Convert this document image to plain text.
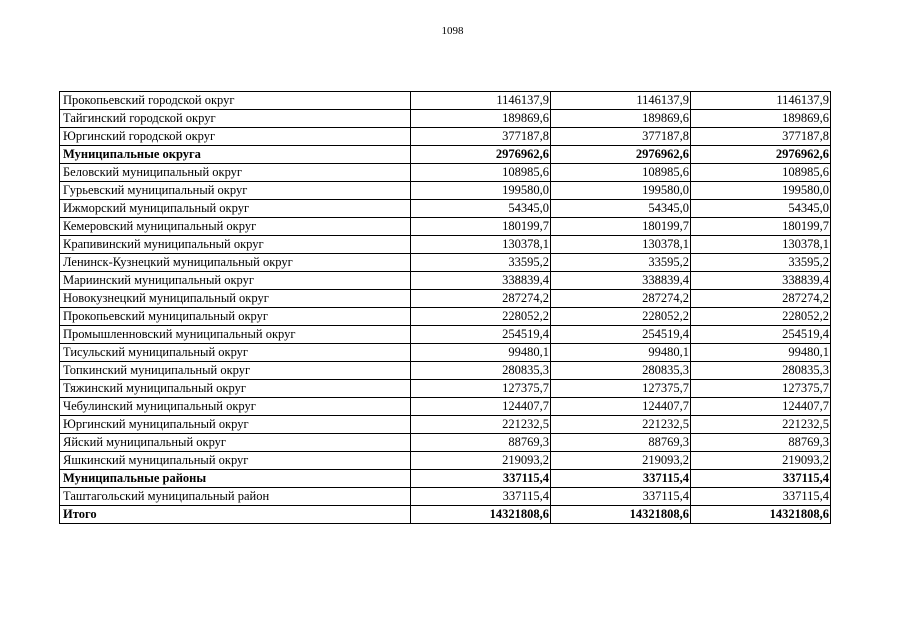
1098
Прокопьевский городской округ	1146137,9	1146137,9	1146137,9
Тайгинский городской округ	189869,6	189869,6	189869,6
Юргинский городской округ	377187,8	377187,8	377187,8
Муниципальные округа	2976962,6	2976962,6	2976962,6
Беловский муниципальный округ	108985,6	108985,6	108985,6
Гурьевский муниципальный округ	199580,0	199580,0	199580,0
Ижморский муниципальный округ	54345,0	54345,0	54345,0
Кемеровский муниципальный округ	180199,7	180199,7	180199,7
Крапивинский муниципальный округ	130378,1	130378,1	130378,1
Ленинск-Кузнецкий муниципальный округ	33595,2	33595,2	33595,2
Мариинский муниципальный округ	338839,4	338839,4	338839,4
Новокузнецкий муниципальный округ	287274,2	287274,2	287274,2
Прокопьевский муниципальный округ	228052,2	228052,2	228052,2
Промышленновский муниципальный округ	254519,4	254519,4	254519,4
Тисульский муниципальный округ	99480,1	99480,1	99480,1
Топкинский муниципальный округ	280835,3	280835,3	280835,3
Тяжинский муниципальный округ	127375,7	127375,7	127375,7
Чебулинский муниципальный округ	124407,7	124407,7	124407,7
Юргинский муниципальный округ	221232,5	221232,5	221232,5
Яйский муниципальный округ	88769,3	88769,3	88769,3
Яшкинский муниципальный округ	219093,2	219093,2	219093,2
Муниципальные районы	337115,4	337115,4	337115,4
Таштагольский муниципальный район	337115,4	337115,4	337115,4
Итого	14321808,6	14321808,6	14321808,6
